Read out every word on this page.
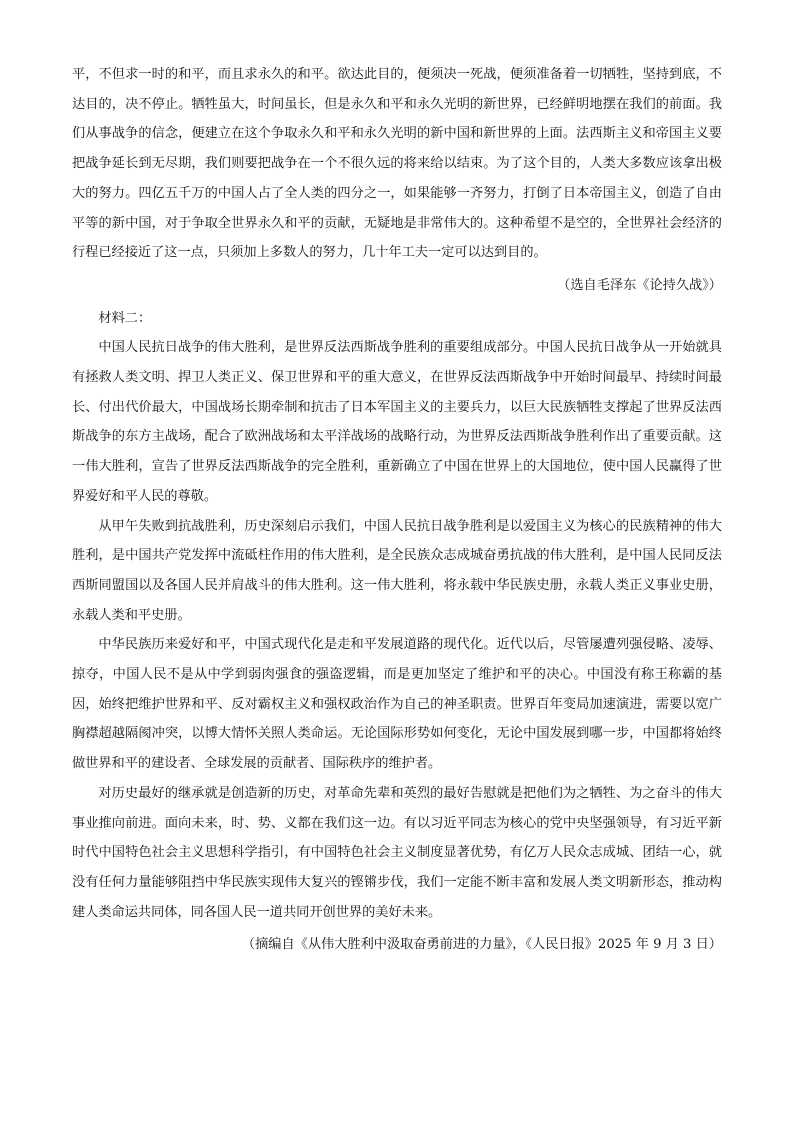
平，不但求一时的和平，而且求永久的和平。欲达此目的，便须决一死战，便须准备着一切牺牲，坚持到底，不达目的，决不停止。牺牲虽大，时间虽长，但是永久和平和永久光明的新世界，已经鲜明地摆在我们的前面。我们从事战争的信念，便建立在这个争取永久和平和永久光明的新中国和新世界的上面。法西斯主义和帝国主义要把战争延长到无尽期，我们则要把战争在一个不很久远的将来给以结束。为了这个目的，人类大多数应该拿出极大的努力。四亿五千万的中国人占了全人类的四分之一，如果能够一齐努力，打倒了日本帝国主义，创造了自由平等的新中国，对于争取全世界永久和平的贡献，无疑地是非常伟大的。这种希望不是空的，全世界社会经济的行程已经接近了这一点，只须加上多数人的努力，几十年工夫一定可以达到目的。

（选自毛泽东《论持久战》）

材料二：

中国人民抗日战争的伟大胜利，是世界反法西斯战争胜利的重要组成部分。中国人民抗日战争从一开始就具有拯救人类文明、捍卫人类正义、保卫世界和平的重大意义，在世界反法西斯战争中开始时间最早、持续时间最长、付出代价最大，中国战场长期牵制和抗击了日本军国主义的主要兵力，以巨大民族牺牲支撑起了世界反法西斯战争的东方主战场，配合了欧洲战场和太平洋战场的战略行动，为世界反法西斯战争胜利作出了重要贡献。这一伟大胜利，宣告了世界反法西斯战争的完全胜利，重新确立了中国在世界上的大国地位，使中国人民赢得了世界爱好和平人民的尊敬。

从甲午失败到抗战胜利，历史深刻启示我们，中国人民抗日战争胜利是以爱国主义为核心的民族精神的伟大胜利，是中国共产党发挥中流砥柱作用的伟大胜利，是全民族众志成城奋勇抗战的伟大胜利，是中国人民同反法西斯同盟国以及各国人民并肩战斗的伟大胜利。这一伟大胜利，将永载中华民族史册，永载人类正义事业史册，永载人类和平史册。

中华民族历来爱好和平，中国式现代化是走和平发展道路的现代化。近代以后，尽管屡遭列强侵略、凌辱、掠夺，中国人民不是从中学到弱肉强食的强盗逻辑，而是更加坚定了维护和平的决心。中国没有称王称霸的基因，始终把维护世界和平、反对霸权主义和强权政治作为自己的神圣职责。世界百年变局加速演进，需要以宽广胸襟超越隔阂冲突，以博大情怀关照人类命运。无论国际形势如何变化，无论中国发展到哪一步，中国都将始终做世界和平的建设者、全球发展的贡献者、国际秩序的维护者。

对历史最好的继承就是创造新的历史，对革命先辈和英烈的最好告慰就是把他们为之牺牲、为之奋斗的伟大事业推向前进。面向未来，时、势、义都在我们这一边。有以习近平同志为核心的党中央坚强领导，有习近平新时代中国特色社会主义思想科学指引，有中国特色社会主义制度显著优势，有亿万人民众志成城、团结一心，就没有任何力量能够阻挡中华民族实现伟大复兴的铿锵步伐，我们一定能不断丰富和发展人类文明新形态，推动构建人类命运共同体，同各国人民一道共同开创世界的美好未来。

（摘编自《从伟大胜利中汲取奋勇前进的力量》，《人民日报》2025 年 9 月 3 日）
